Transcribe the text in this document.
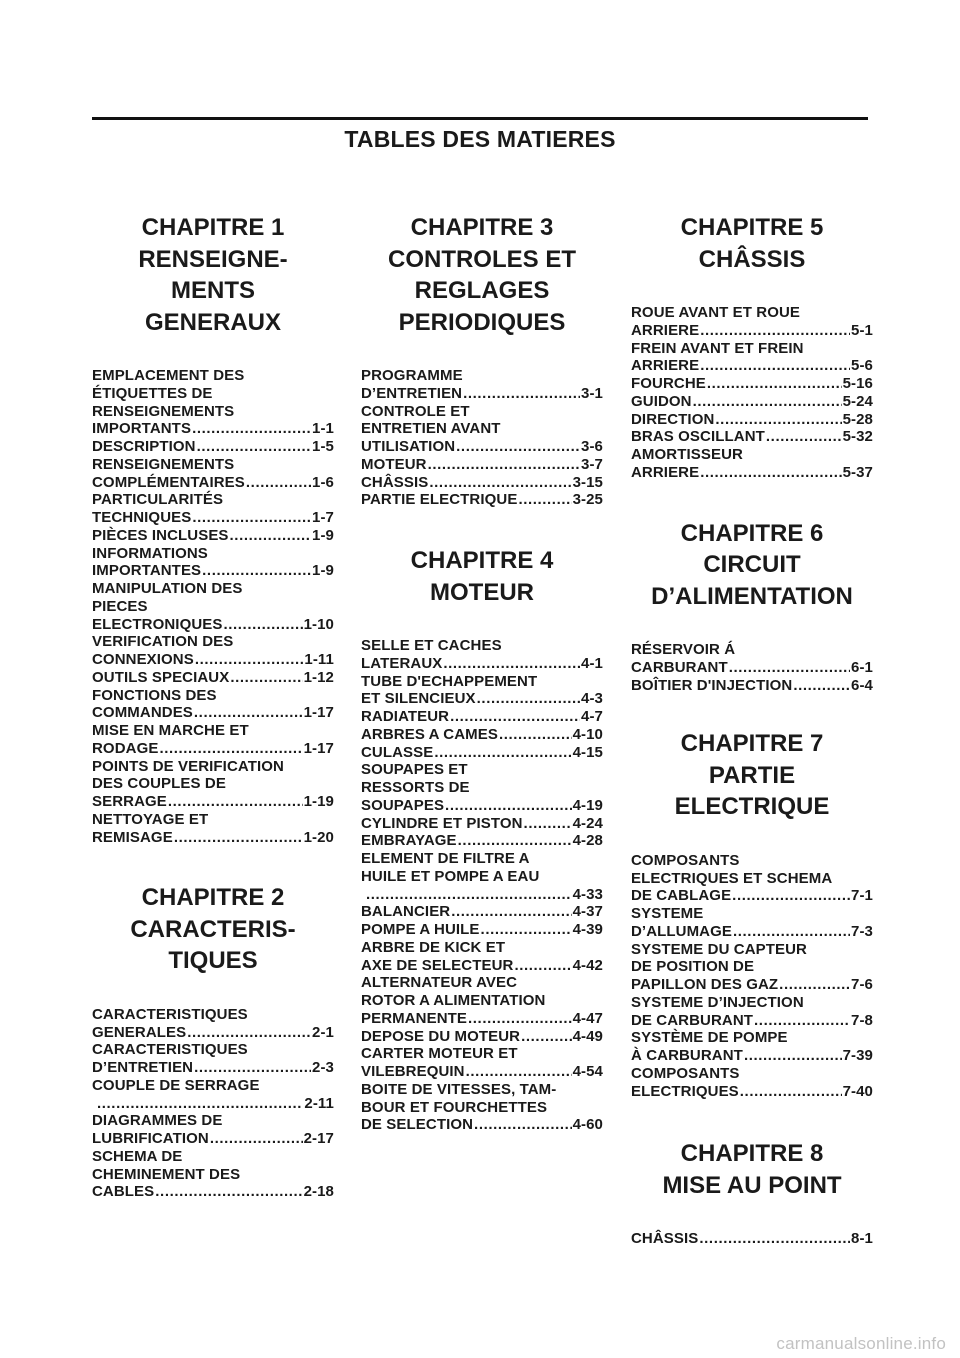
TABLES DES MATIERES
CHAPITRE 1
RENSEIGNE-
MENTS
GENERAUX
EMPLACEMENT DES
ÉTIQUETTES DE
RENSEIGNEMENTS
IMPORTANTS .....	1-1
DESCRIPTION .....	1-5
RENSEIGNEMENTS
COMPLÉMENTAIRES .....	1-6
PARTICULARITÉS
TECHNIQUES .....	1-7
PIÈCES INCLUSES .....	1-9
INFORMATIONS
IMPORTANTES .....	1-9
MANIPULATION DES
PIECES
ELECTRONIQUES .....	1-10
VERIFICATION DES
CONNEXIONS .....	1-11
OUTILS SPECIAUX .....	1-12
FONCTIONS DES
COMMANDES .....	1-17
MISE EN MARCHE ET
RODAGE .....	1-17
POINTS DE VERIFICATION
DES COUPLES DE
SERRAGE .....	1-19
NETTOYAGE ET
REMISAGE .....	1-20
CHAPITRE 2
CARACTERIS-
TIQUES
CARACTERISTIQUES
GENERALES .....	2-1
CARACTERISTIQUES
D’ENTRETIEN .....	2-3
COUPLE DE SERRAGE
.....
2-11
DIAGRAMMES DE
LUBRIFICATION .....	2-17
SCHEMA DE
CHEMINEMENT DES
CABLES .....	2-18
CHAPITRE 3
CONTROLES ET
REGLAGES
PERIODIQUES
PROGRAMME
D’ENTRETIEN .....	3-1
CONTROLE ET
ENTRETIEN AVANT
UTILISATION .....	3-6
MOTEUR .....	3-7
CHÂSSIS .....	3-15
PARTIE ELECTRIQUE .....	3-25
CHAPITRE 4
MOTEUR
SELLE ET CACHES
LATERAUX .....	4-1
TUBE D'ECHAPPEMENT
ET SILENCIEUX .....	4-3
RADIATEUR .....	4-7
ARBRES A CAMES .....	4-10
CULASSE .....	4-15
SOUPAPES ET
RESSORTS DE
SOUPAPES .....	4-19
CYLINDRE ET PISTON .....	4-24
EMBRAYAGE .....	4-28
ELEMENT DE FILTRE A
HUILE ET POMPE A EAU
.....
4-33
BALANCIER .....	4-37
POMPE A HUILE .....	4-39
ARBRE DE KICK ET
AXE DE SELECTEUR .....	4-42
ALTERNATEUR AVEC
ROTOR A ALIMENTATION
PERMANENTE .....	4-47
DEPOSE DU MOTEUR .....	4-49
CARTER MOTEUR ET
VILEBREQUIN .....	4-54
BOITE DE VITESSES, TAM-
BOUR ET FOURCHETTES
DE SELECTION .....	4-60
CHAPITRE 5
CHÂSSIS
ROUE AVANT ET ROUE
ARRIERE .....	5-1
FREIN AVANT ET FREIN
ARRIERE .....	5-6
FOURCHE .....	5-16
GUIDON .....	5-24
DIRECTION .....	5-28
BRAS OSCILLANT .....	5-32
AMORTISSEUR
ARRIERE .....	5-37
CHAPITRE 6
CIRCUIT
D’ALIMENTATION
RÉSERVOIR Á
CARBURANT .....	6-1
BOÎTIER D'INJECTION .....	6-4
CHAPITRE 7
PARTIE
ELECTRIQUE
COMPOSANTS
ELECTRIQUES ET SCHEMA
DE CABLAGE .....	7-1
SYSTEME
D’ALLUMAGE .....	7-3
SYSTEME DU CAPTEUR
DE POSITION DE
PAPILLON DES GAZ .....	7-6
SYSTEME D’INJECTION
DE CARBURANT .....	7-8
SYSTÈME DE POMPE
À CARBURANT .....	7-39
COMPOSANTS
ELECTRIQUES .....	7-40
CHAPITRE 8
MISE AU POINT
CHÂSSIS .....	8-1
carmanualsonline.info
